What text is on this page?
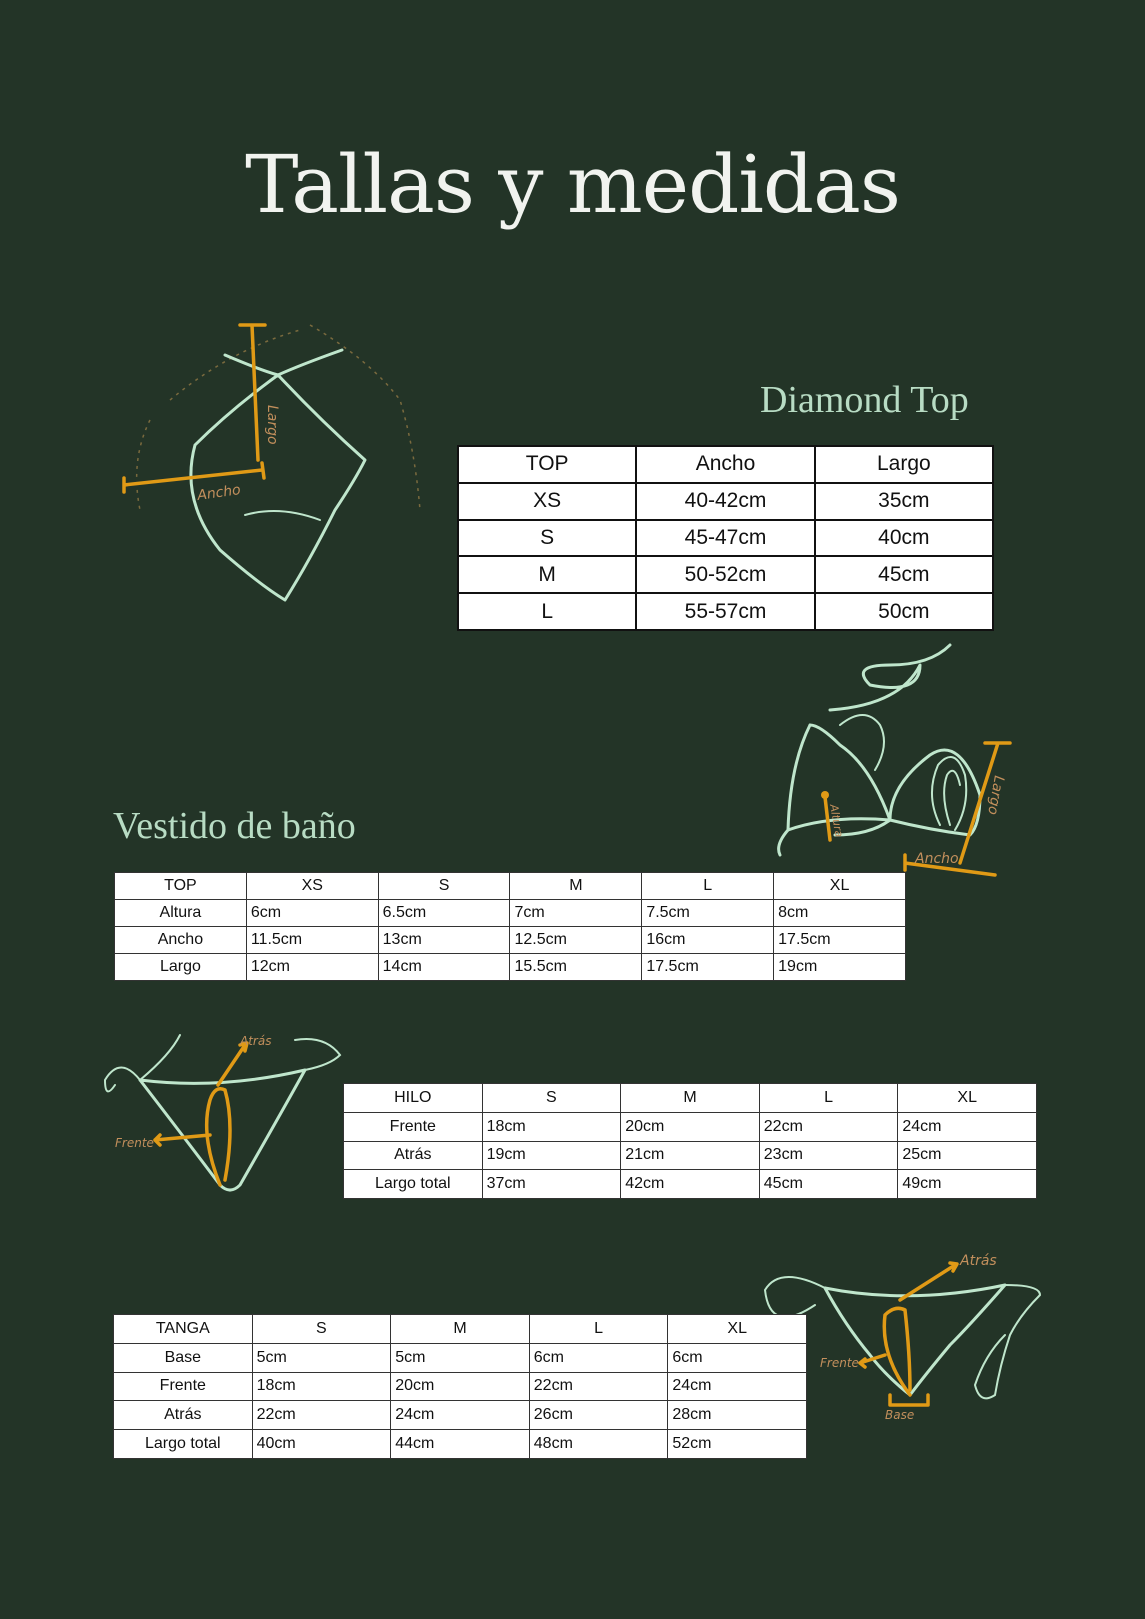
Tallas y medidas
Diamond Top
TOP	Ancho	Largo
XS	40-42cm	35cm
S	45-47cm	40cm
M	50-52cm	45cm
L	55-57cm	50cm
Ancho
Largo
Vestido de baño
Ancho
Largo
Altura
TOP	XS	S	M	L	XL
Altura	6cm	6.5cm	7cm	7.5cm	8cm
Ancho	11.5cm	13cm	12.5cm	16cm	17.5cm
Largo	12cm	14cm	15.5cm	17.5cm	19cm
Frente
Atrás
HILO	S	M	L	XL
Frente	18cm	20cm	22cm	24cm
Atrás	19cm	21cm	23cm	25cm
Largo total	37cm	42cm	45cm	49cm
Atrás
Frente
Base
TANGA	S	M	L	XL
Base	5cm	5cm	6cm	6cm
Frente	18cm	20cm	22cm	24cm
Atrás	22cm	24cm	26cm	28cm
Largo total	40cm	44cm	48cm	52cm
